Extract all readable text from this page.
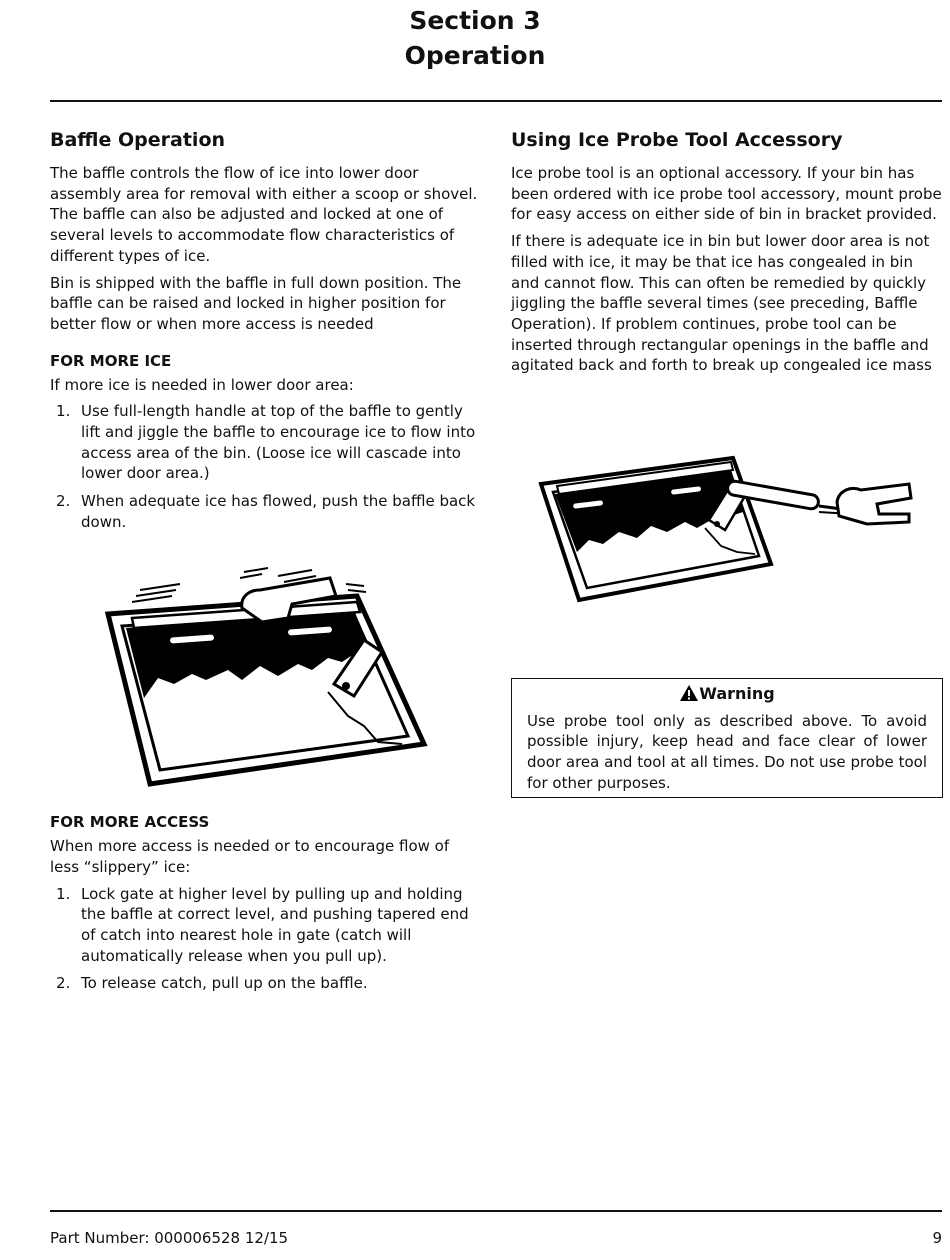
Section 3
Operation
Baffle Operation

The baffle controls the flow of ice into lower door assembly area for removal with either a scoop or shovel. The baffle can also be adjusted and locked at one of several levels to accommodate flow characteristics of different types of ice.

Bin is shipped with the baffle in full down position. The baffle can be raised and locked in higher position for better flow or when more access is needed

FOR MORE ICE

If more ice is needed in lower door area:

1. Use full-length handle at top of the baffle to gently lift and jiggle the baffle to encourage ice to flow into access area of the bin. (Loose ice will cascade into lower door area.)
2. When adequate ice has flowed, push the baffle back down.
FOR MORE ACCESS

When more access is needed or to encourage flow of less “slippery” ice:

1. Lock gate at higher level by pulling up and holding the baffle at correct level, and pushing tapered end of catch into nearest hole in gate (catch will automatically release when you pull up).
2. To release catch, pull up on the baffle.
Using Ice Probe Tool Accessory

Ice probe tool is an optional accessory. If your bin has been ordered with ice probe tool accessory, mount probe for easy access on either side of bin in bracket provided.

If there is adequate ice in bin but lower door area is not filled with ice, it may be that ice has congealed in bin and cannot flow. This can often be remedied by quickly jiggling the baffle several times (see preceding, Baffle Operation). If problem continues, probe tool can be inserted through rectangular openings in the baffle and agitated back and forth to break up congealed ice mass

Warning
Use probe tool only as described above. To avoid possible injury, keep head and face clear of lower door area and tool at all times. Do not use probe tool for other purposes.
Part Number: 000006528 12/15	9
